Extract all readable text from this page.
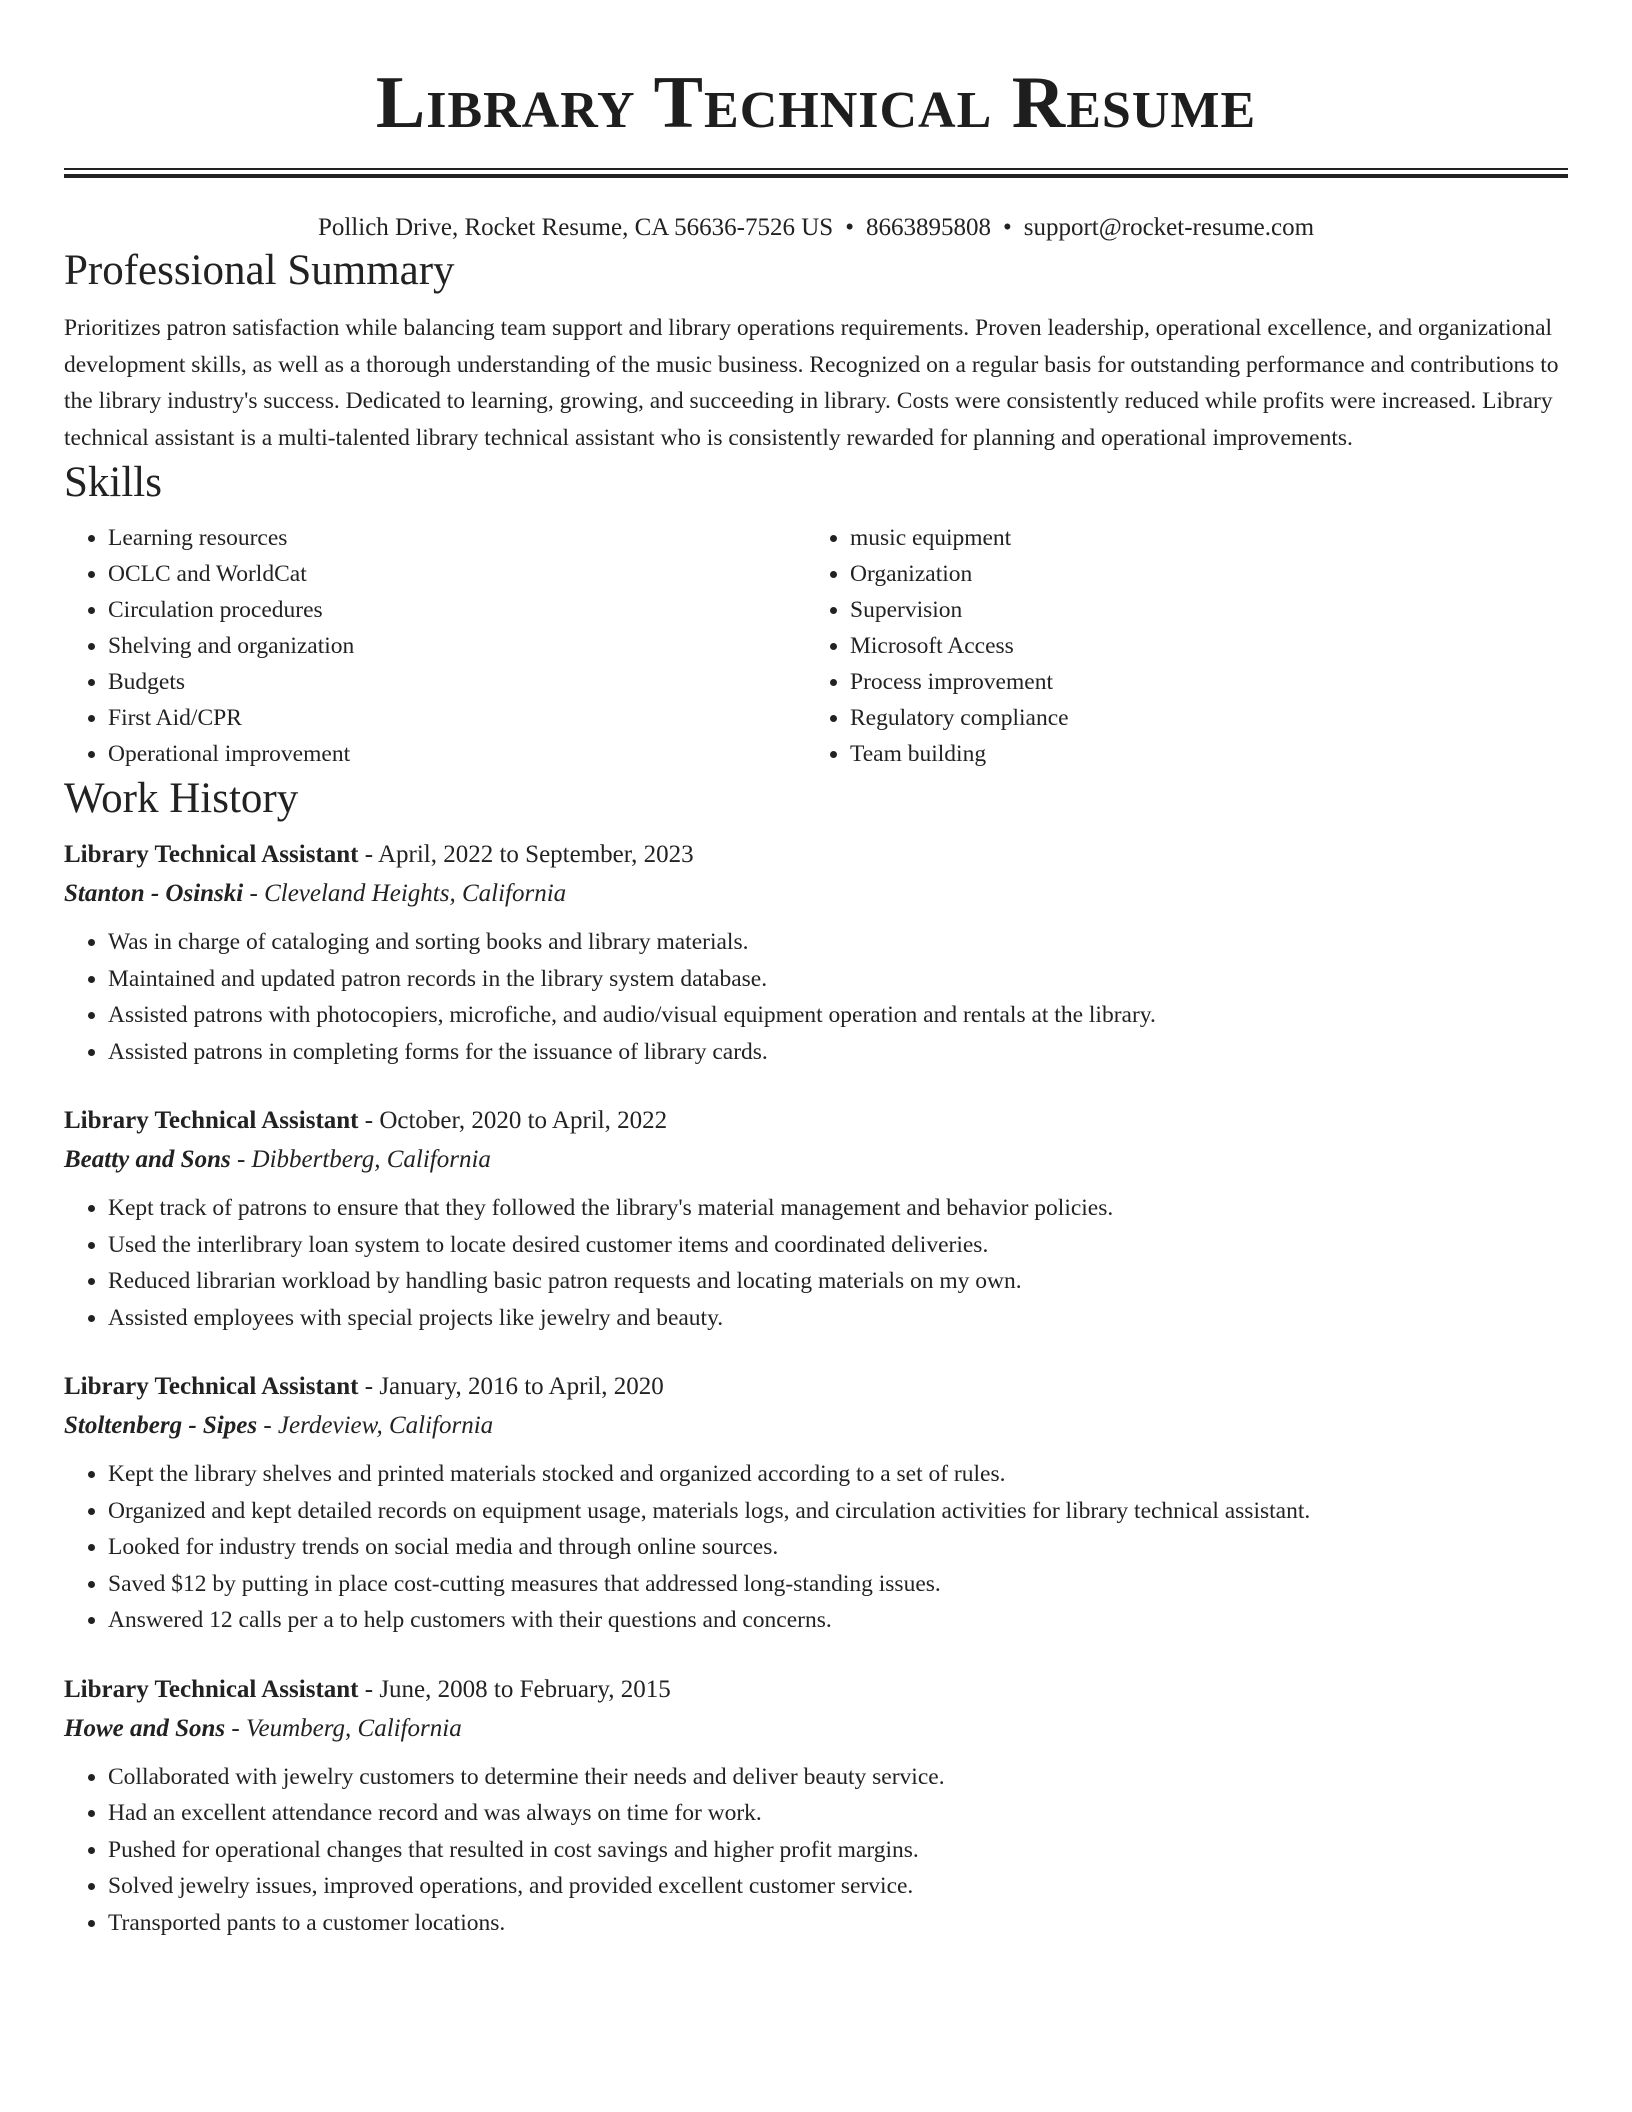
Library Technical Resume
Pollich Drive, Rocket Resume, CA 56636-7526 US • 8663895808 • support@rocket-resume.com
Professional Summary

Prioritizes patron satisfaction while balancing team support and library operations requirements. Proven leadership, operational excellence, and organizational development skills, as well as a thorough understanding of the music business. Recognized on a regular basis for outstanding performance and contributions to the library industry's success. Dedicated to learning, growing, and succeeding in library. Costs were consistently reduced while profits were increased. Library technical assistant is a multi-talented library technical assistant who is consistently rewarded for planning and operational improvements.

Skills
• Learning resources
• OCLC and WorldCat
• Circulation procedures
• Shelving and organization
• Budgets
• First Aid/CPR
• Operational improvement
• music equipment
• Organization
• Supervision
• Microsoft Access
• Process improvement
• Regulatory compliance
• Team building
Work History
Library Technical Assistant - April, 2022 to September, 2023
Stanton - Osinski - Cleveland Heights, California
• Was in charge of cataloging and sorting books and library materials.
• Maintained and updated patron records in the library system database.
• Assisted patrons with photocopiers, microfiche, and audio/visual equipment operation and rentals at the library.
• Assisted patrons in completing forms for the issuance of library cards.
Library Technical Assistant - October, 2020 to April, 2022
Beatty and Sons - Dibbertberg, California
• Kept track of patrons to ensure that they followed the library's material management and behavior policies.
• Used the interlibrary loan system to locate desired customer items and coordinated deliveries.
• Reduced librarian workload by handling basic patron requests and locating materials on my own.
• Assisted employees with special projects like jewelry and beauty.
Library Technical Assistant - January, 2016 to April, 2020
Stoltenberg - Sipes - Jerdeview, California
• Kept the library shelves and printed materials stocked and organized according to a set of rules.
• Organized and kept detailed records on equipment usage, materials logs, and circulation activities for library technical assistant.
• Looked for industry trends on social media and through online sources.
• Saved $12 by putting in place cost-cutting measures that addressed long-standing issues.
• Answered 12 calls per a to help customers with their questions and concerns.
Library Technical Assistant - June, 2008 to February, 2015
Howe and Sons - Veumberg, California
• Collaborated with jewelry customers to determine their needs and deliver beauty service.
• Had an excellent attendance record and was always on time for work.
• Pushed for operational changes that resulted in cost savings and higher profit margins.
• Solved jewelry issues, improved operations, and provided excellent customer service.
• Transported pants to a customer locations.
